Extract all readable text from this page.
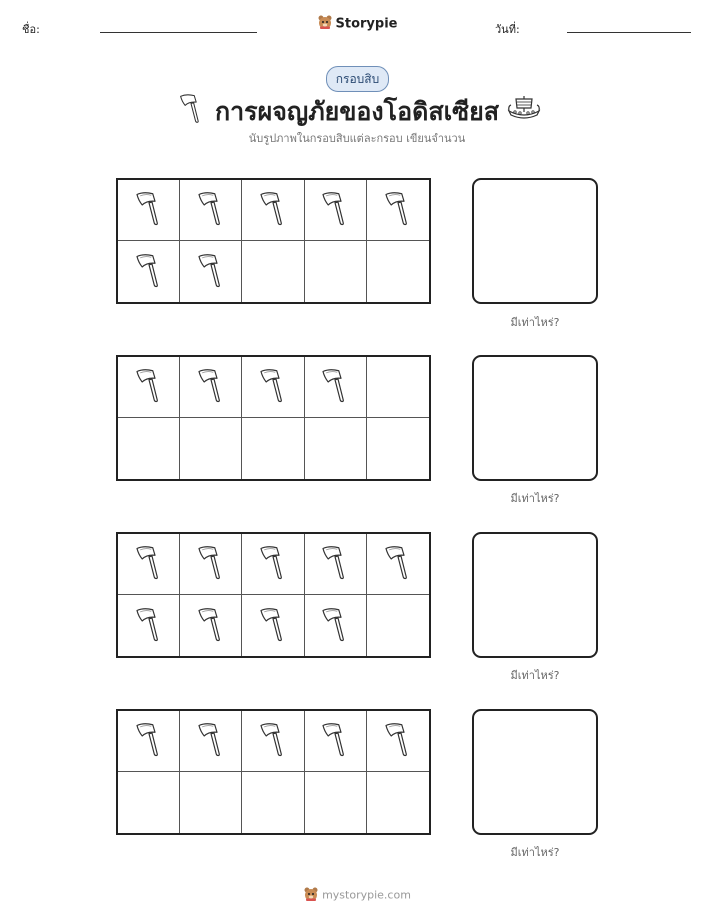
ชื่อ:	Storypie	วันที่:
กรอบสิบ
การผจญภัยของโอดิสเซียส
นับรูปภาพในกรอบสิบแต่ละกรอบ เขียนจำนวน
มีเท่าไหร่?
มีเท่าไหร่?
มีเท่าไหร่?
มีเท่าไหร่?
mystorypie.com
